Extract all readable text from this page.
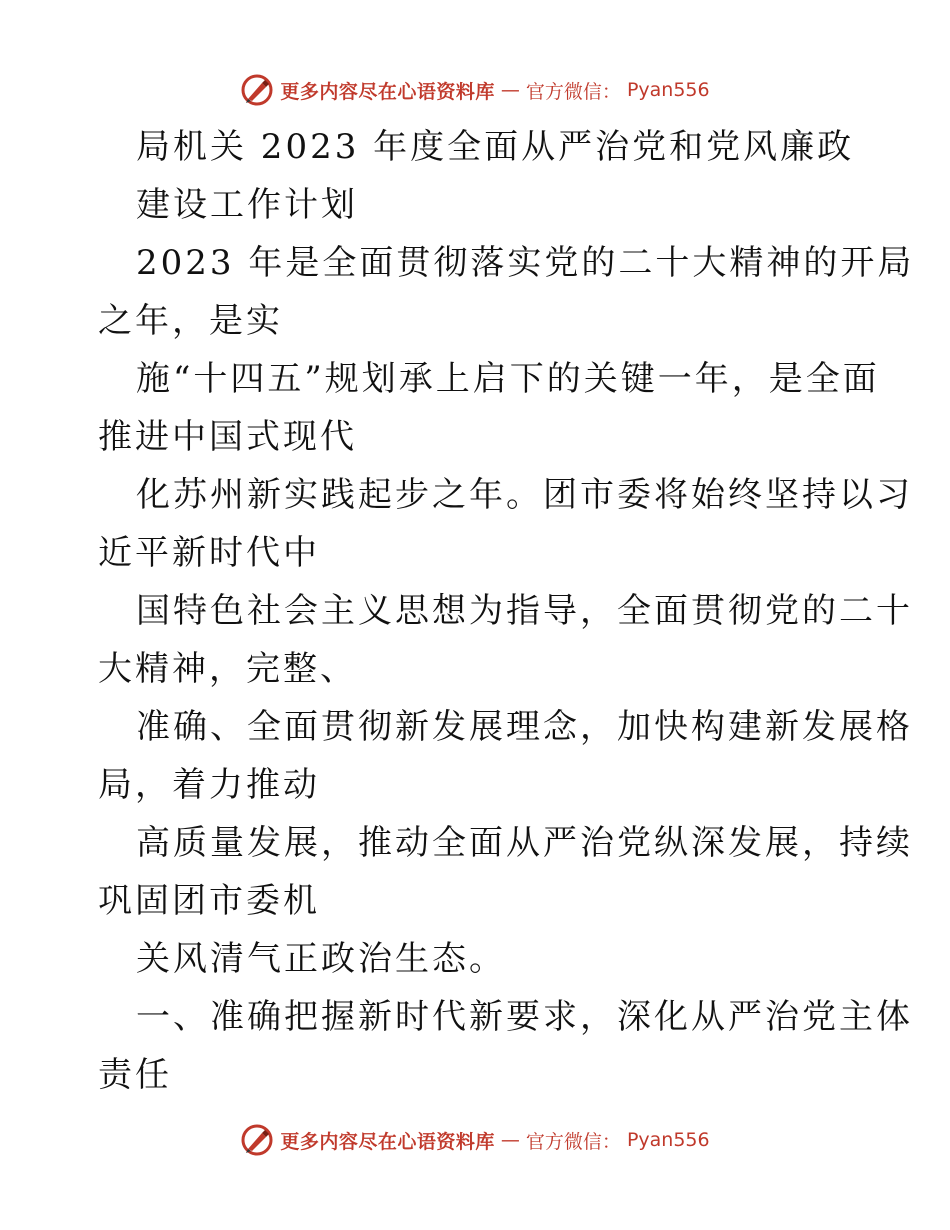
更多内容尽在心语资料库 — 官方微信： Pyan556
局机关 2023 年度全面从严治党和党风廉政
建设工作计划
2023 年是全面贯彻落实党的二十大精神的开局
之年，是实
施“十四五”规划承上启下的关键一年，是全面
推进中国式现代
化苏州新实践起步之年。团市委将始终坚持以习
近平新时代中
国特色社会主义思想为指导，全面贯彻党的二十
大精神，完整、
准确、全面贯彻新发展理念，加快构建新发展格
局，着力推动
高质量发展，推动全面从严治党纵深发展，持续
巩固团市委机
关风清气正政治生态。
一、准确把握新时代新要求，深化从严治党主体
责任
更多内容尽在心语资料库 — 官方微信： Pyan556
